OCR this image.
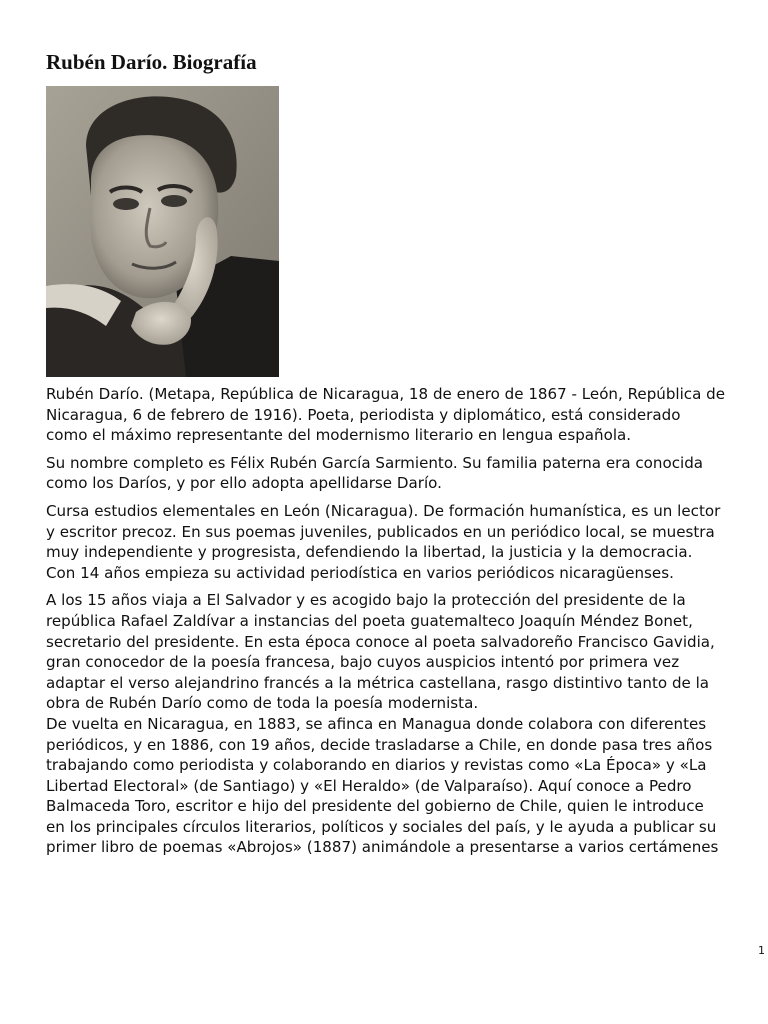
Rubén Darío. Biografía

Rubén Darío. (Metapa, República de Nicaragua, 18 de enero de 1867 - León, República de Nicaragua, 6 de febrero de 1916). Poeta, periodista y diplomático, está considerado como el máximo representante del modernismo literario en lengua española.

Su nombre completo es Félix Rubén García Sarmiento. Su familia paterna era conocida como los Daríos, y por ello adopta apellidarse Darío.

Cursa estudios elementales en León (Nicaragua). De formación humanística, es un lector y escritor precoz. En sus poemas juveniles, publicados en un periódico local, se muestra muy independiente y progresista, defendiendo la libertad, la justicia y la democracia. Con 14 años empieza su actividad periodística en varios periódicos nicaragüenses.

A los 15 años viaja a El Salvador y es acogido bajo la protección del presidente de la república Rafael Zaldívar a instancias del poeta guatemalteco Joaquín Méndez Bonet, secretario del presidente. En esta época conoce al poeta salvadoreño Francisco Gavidia, gran conocedor de la poesía francesa, bajo cuyos auspicios intentó por primera vez adaptar el verso alejandrino francés a la métrica castellana, rasgo distintivo tanto de la obra de Rubén Darío como de toda la poesía modernista.

De vuelta en Nicaragua, en 1883, se afinca en Managua donde colabora con diferentes periódicos, y en 1886, con 19 años, decide trasladarse a Chile, en donde pasa tres años trabajando como periodista y colaborando en diarios y revistas como «La Época» y «La Libertad Electoral» (de Santiago) y «El Heraldo» (de Valparaíso). Aquí conoce a Pedro Balmaceda Toro, escritor e hijo del presidente del gobierno de Chile, quien le introduce en los principales círculos literarios, políticos y sociales del país, y le ayuda a publicar su primer libro de poemas «Abrojos» (1887) animándole a presentarse a varios certámenes

1
